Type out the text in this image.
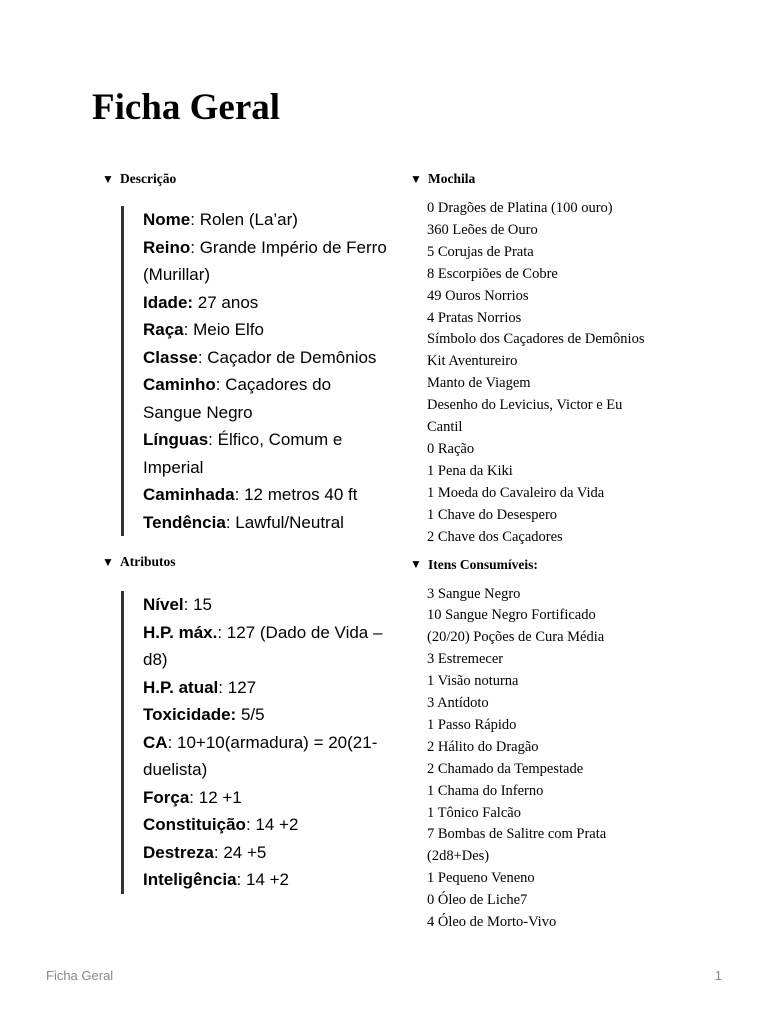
Ficha Geral
▼ Descrição
Nome: Rolen (La’ar)
Reino: Grande Império de Ferro (Murillar)
Idade: 27 anos
Raça: Meio Elfo
Classe: Caçador de Demônios
Caminho: Caçadores do Sangue Negro
Línguas: Élfico, Comum e Imperial
Caminhada: 12 metros 40 ft
Tendência: Lawful/Neutral
▼ Atributos
Nível: 15
H.P. máx.: 127 (Dado de Vida – d8)
H.P. atual: 127
Toxicidade: 5/5
CA: 10+10(armadura) = 20(21-duelista)
Força: 12 +1
Constituição: 14 +2
Destreza: 24 +5
Inteligência: 14 +2
▼ Mochila
0 Dragões de Platina (100 ouro)
360 Leões de Ouro
5 Corujas de Prata
8 Escorpiões de Cobre
49 Ouros Norrios
4 Pratas Norrios
Símbolo dos Caçadores de Demônios
Kit Aventureiro
Manto de Viagem
Desenho do Levicius, Victor e Eu
Cantil
0 Ração
1 Pena da Kiki
1 Moeda do Cavaleiro da Vida
1 Chave do Desespero
2 Chave dos Caçadores
▼ Itens Consumíveis:
3 Sangue Negro
10 Sangue Negro Fortificado
(20/20) Poções de Cura Média
3 Estremecer
1 Visão noturna
3 Antídoto
1 Passo Rápido
2 Hálito do Dragão
2 Chamado da Tempestade
1 Chama do Inferno
1 Tônico Falcão
7 Bombas de Salitre com Prata
(2d8+Des)
1 Pequeno Veneno
0 Óleo de Liche7
4 Óleo de Morto-Vivo
Ficha Geral	1
